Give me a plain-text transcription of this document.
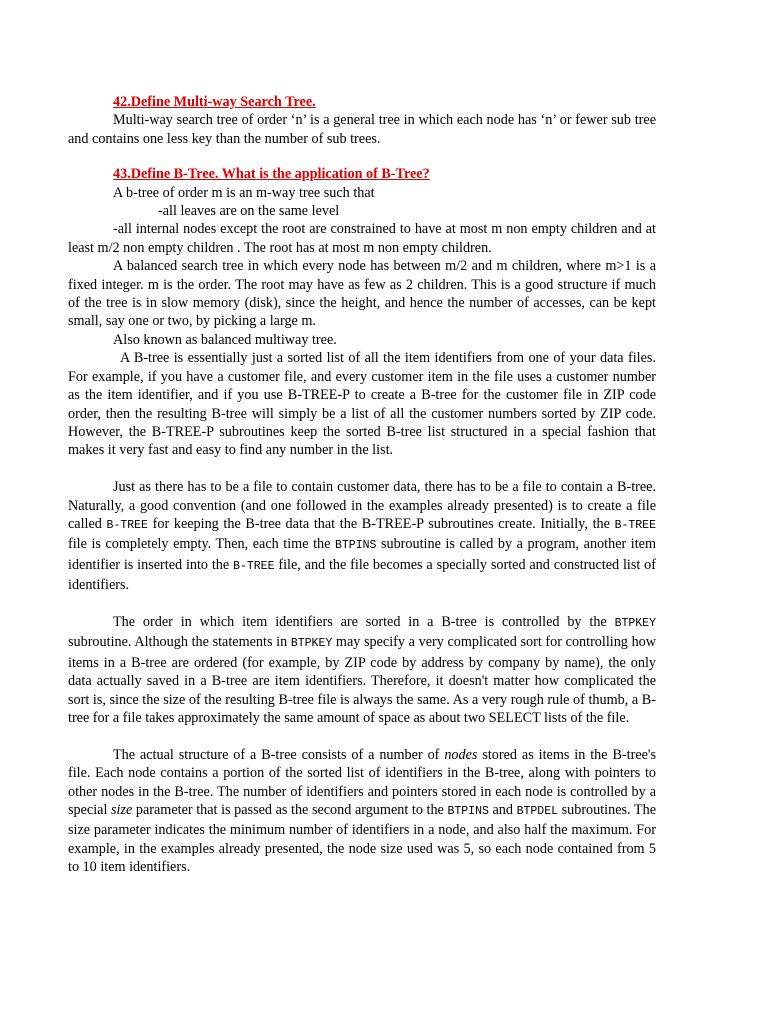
42.Define Multi-way Search Tree.

Multi-way search tree of order ‘n’ is a general tree in which each node has ‘n’ or fewer sub tree and contains one less key than the number of sub trees.

43.Define B-Tree. What is the application of B-Tree?

A b-tree of order m is an m-way tree such that

-all leaves are on the same level

-all internal nodes except the root are constrained to have at most m non empty children and at least m/2 non empty children . The root has at most m non empty children.

A balanced search tree in which every node has between m/2 and m children, where m>1 is a fixed integer. m is the order. The root may have as few as 2 children. This is a good structure if much of the tree is in slow memory (disk), since the height, and hence the number of accesses, can be kept small, say one or two, by picking a large m.

Also known as balanced multiway tree.

A B-tree is essentially just a sorted list of all the item identifiers from one of your data files. For example, if you have a customer file, and every customer item in the file uses a customer number as the item identifier, and if you use B-TREE-P to create a B-tree for the customer file in ZIP code order, then the resulting B-tree will simply be a list of all the customer numbers sorted by ZIP code. However, the B-TREE-P subroutines keep the sorted B-tree list structured in a special fashion that makes it very fast and easy to find any number in the list.

Just as there has to be a file to contain customer data, there has to be a file to contain a B-tree. Naturally, a good convention (and one followed in the examples already presented) is to create a file called B-TREE for keeping the B-tree data that the B-TREE-P subroutines create. Initially, the B-TREE file is completely empty. Then, each time the BTPINS subroutine is called by a program, another item identifier is inserted into the B-TREE file, and the file becomes a specially sorted and constructed list of identifiers.

The order in which item identifiers are sorted in a B-tree is controlled by the BTPKEY subroutine. Although the statements in BTPKEY may specify a very complicated sort for controlling how items in a B-tree are ordered (for example, by ZIP code by address by company by name), the only data actually saved in a B-tree are item identifiers. Therefore, it doesn't matter how complicated the sort is, since the size of the resulting B-tree file is always the same. As a very rough rule of thumb, a B-tree for a file takes approximately the same amount of space as about two SELECT lists of the file.

The actual structure of a B-tree consists of a number of nodes stored as items in the B-tree's file. Each node contains a portion of the sorted list of identifiers in the B-tree, along with pointers to other nodes in the B-tree. The number of identifiers and pointers stored in each node is controlled by a special size parameter that is passed as the second argument to the BTPINS and BTPDEL subroutines. The size parameter indicates the minimum number of identifiers in a node, and also half the maximum. For example, in the examples already presented, the node size used was 5, so each node contained from 5 to 10 item identifiers.
